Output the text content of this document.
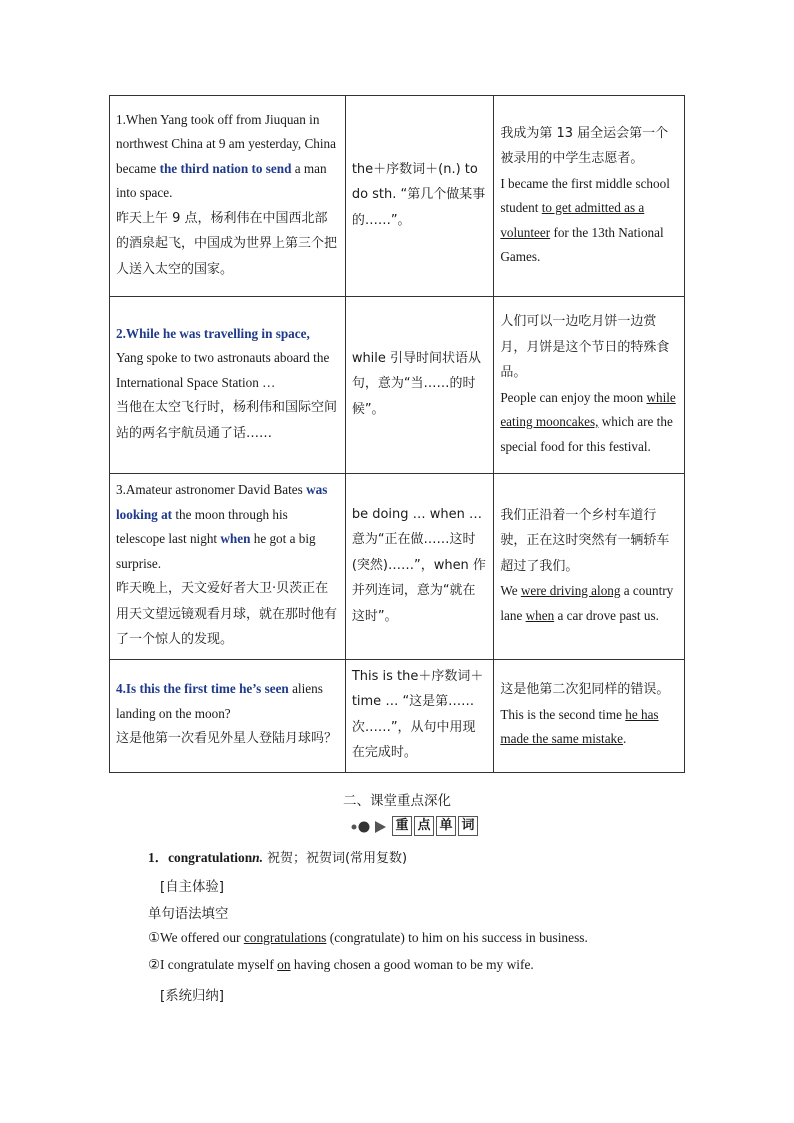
1.When Yang took off from Jiuquan in northwest China at 9 am yesterday, China became the third nation to send a man into space.
昨天上午 9 点，杨利伟在中国西北部的酒泉起飞，中国成为世界上第三个把人送入太空的国家。	the＋序数词＋(n.) to do sth. “第几个做某事的……”。	我成为第 13 届全运会第一个被录用的中学生志愿者。
I became the first middle school student to get admitted as a volunteer for the 13th National Games.
2.While he was travelling in space, Yang spoke to two astronauts aboard the International Space Station …
当他在太空飞行时，杨利伟和国际空间站的两名宇航员通了话……	while 引导时间状语从句，意为“当……的时候”。	人们可以一边吃月饼一边赏月，月饼是这个节日的特殊食品。
People can enjoy the moon while eating mooncakes, which are the special food for this festival.
3.Amateur astronomer David Bates was looking at the moon through his telescope last night when he got a big surprise.
昨天晚上，天文爱好者大卫·贝茨正在用天文望远镜观看月球，就在那时他有了一个惊人的发现。	be doing … when … 意为“正在做……这时(突然)……”，when 作并列连词，意为“就在这时”。	我们正沿着一个乡村车道行驶，正在这时突然有一辆轿车超过了我们。
We were driving along a country lane when a car drove past us.
4.Is this the first time he’s seen aliens landing on the moon?
这是他第一次看见外星人登陆月球吗？	This is the＋序数词＋time … “这是第……次……”，从句中用现在完成时。	这是他第二次犯同样的错误。
This is the second time he has made the same mistake.
二、课堂重点深化
重 点 单 词
1．congratulationn. 祝贺；祝贺词(常用复数)
[自主体验]
单句语法填空
①We offered our congratulations (congratulate) to him on his success in business.
②I congratulate myself on having chosen a good woman to be my wife.
[系统归纳]
